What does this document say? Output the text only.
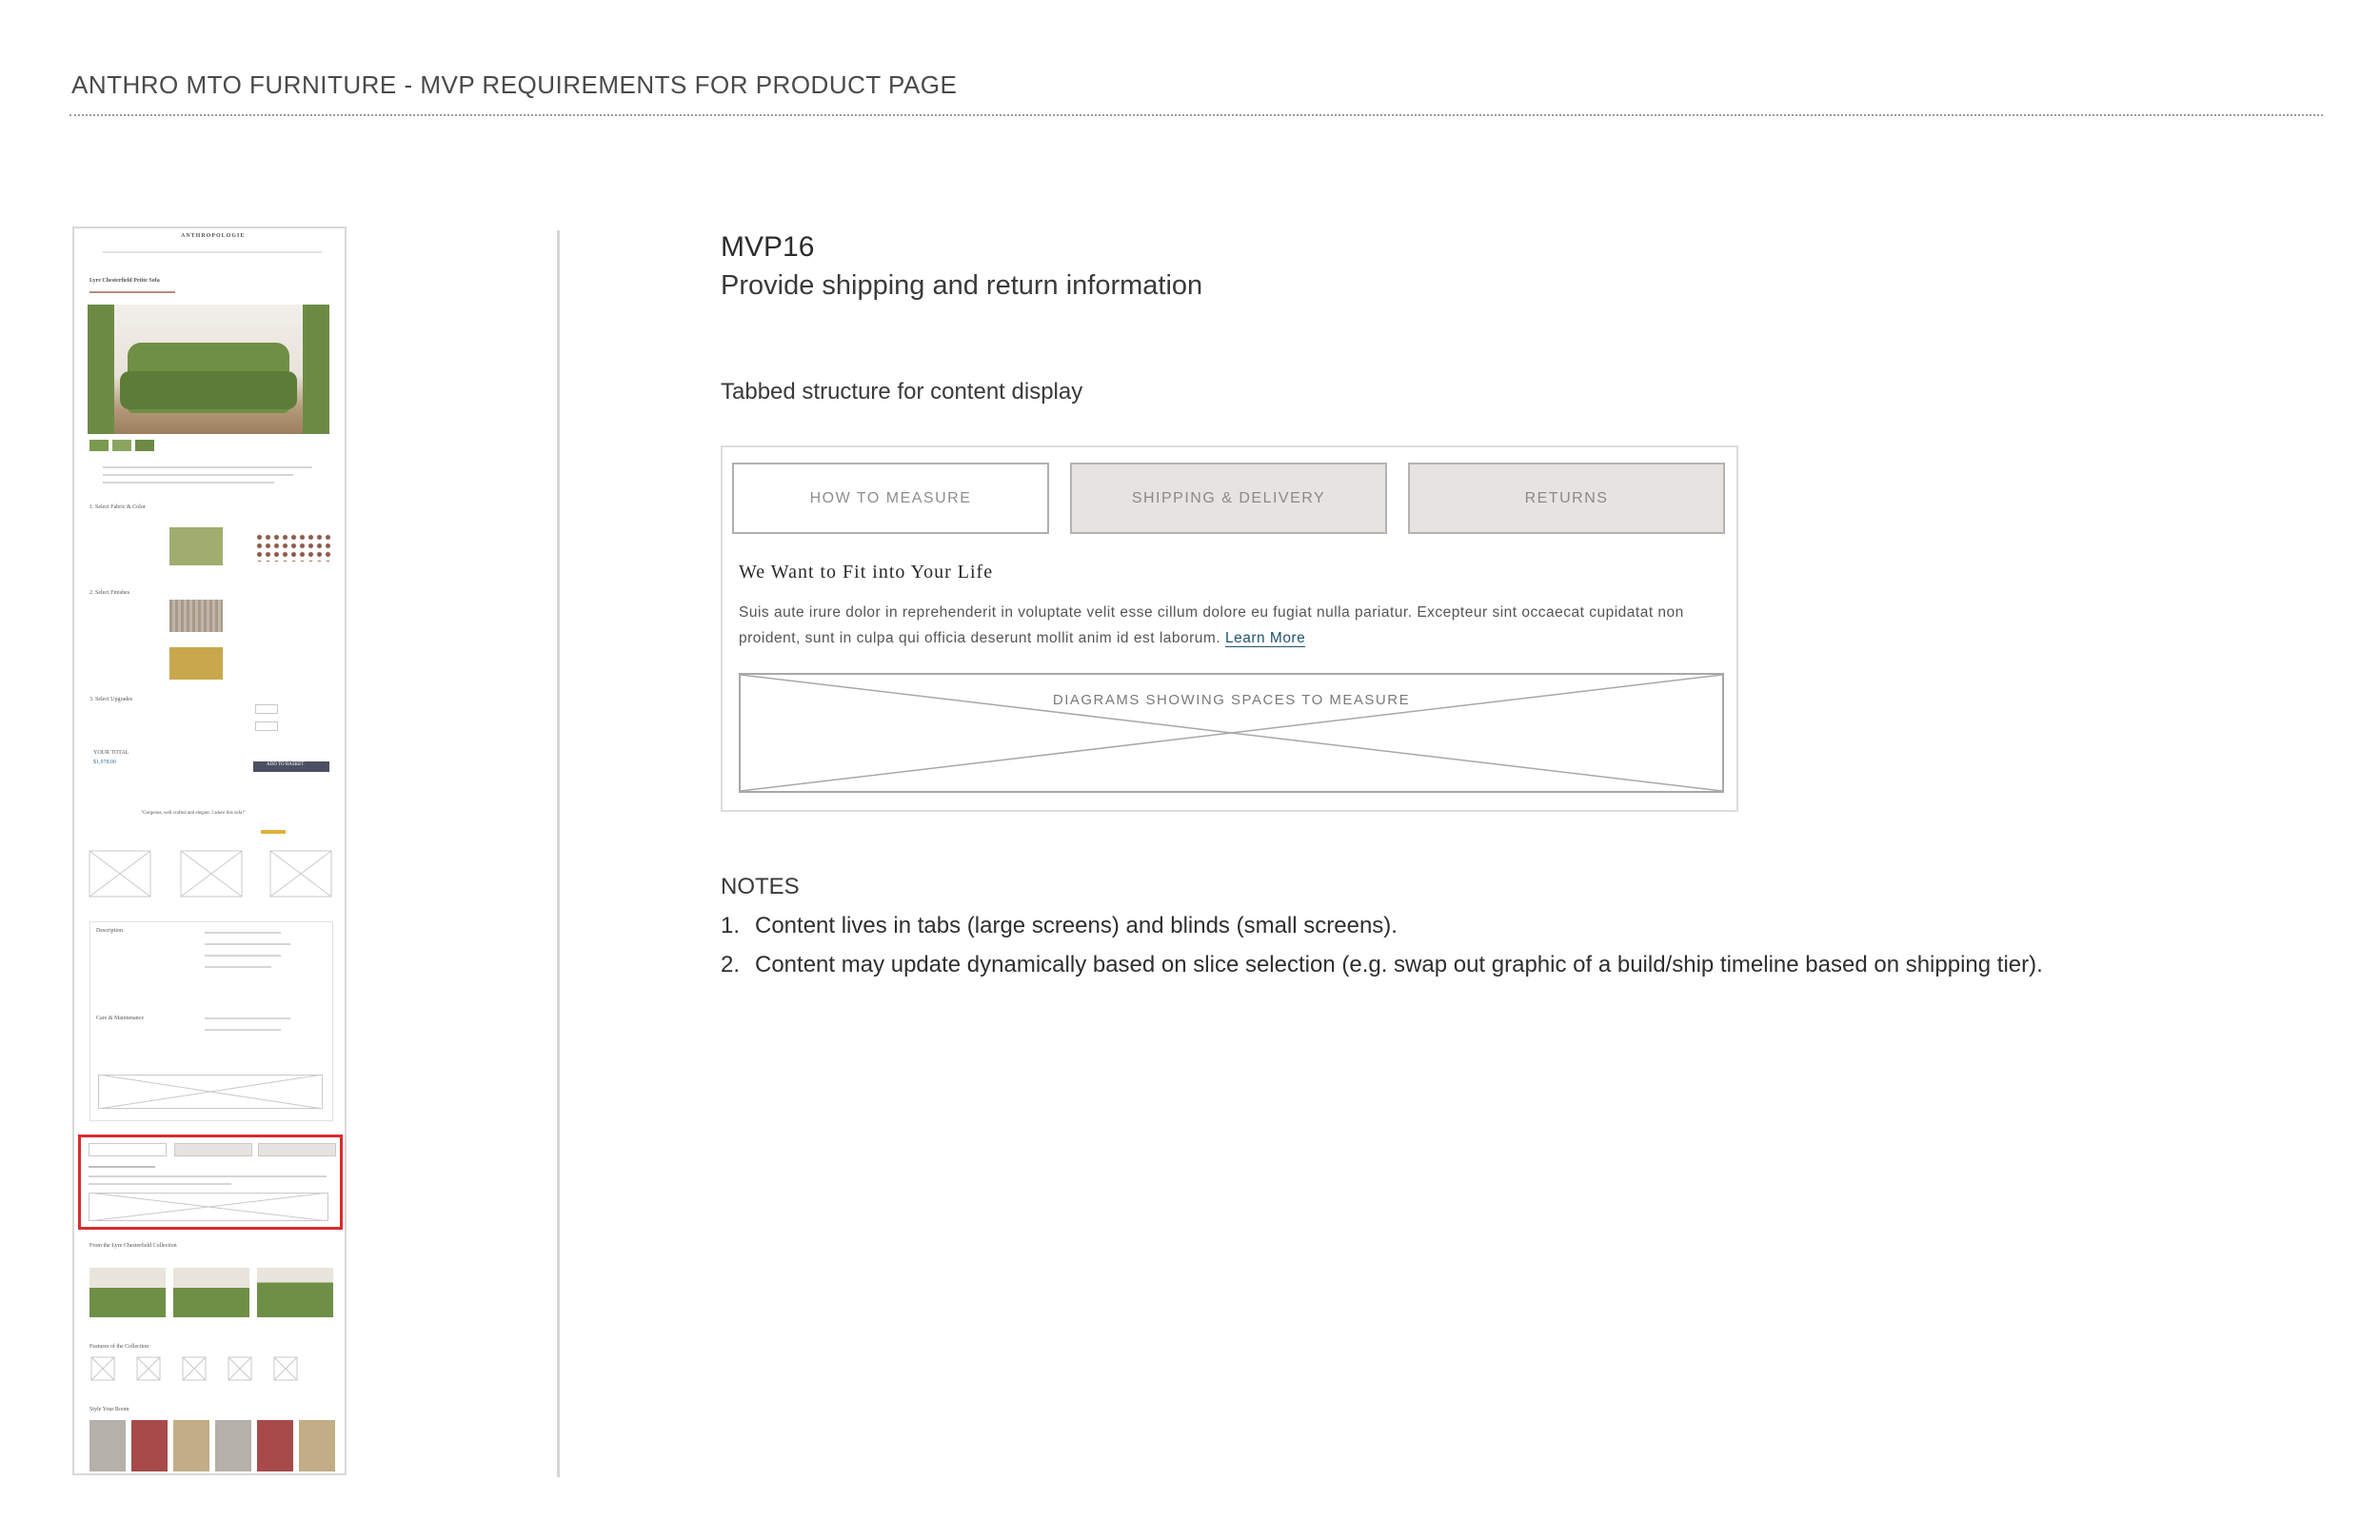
ANTHRO MTO FURNITURE - MVP REQUIREMENTS FOR PRODUCT PAGE
ANTHROPOLOGIE
Lyre Chesterfield Petite Sofa
1. Select Fabric & Color
2. Select Finishes
3. Select Upgrades
YOUR TOTAL
$1,978.00	ADD TO BASKET
"Gorgeous, well crafted and elegant. I adore this sofa!"
Description
Care & Maintenance
From the Lyre Chesterfield Collection
Features of the Collection
Style Your Room
MVP16
Provide shipping and return information
Tabbed structure for content display
HOW TO MEASURE	SHIPPING & DELIVERY	RETURNS
We Want to Fit into Your Life
Suis aute irure dolor in reprehenderit in voluptate velit esse cillum dolore eu fugiat nulla pariatur. Excepteur sint occaecat cupidatat non proident, sunt in culpa qui officia deserunt mollit anim id est laborum. Learn More
DIAGRAMS SHOWING SPACES TO MEASURE
NOTES
1. Content lives in tabs (large screens) and blinds (small screens).
2. Content may update dynamically based on slice selection (e.g. swap out graphic of a build/ship timeline based on shipping tier).
